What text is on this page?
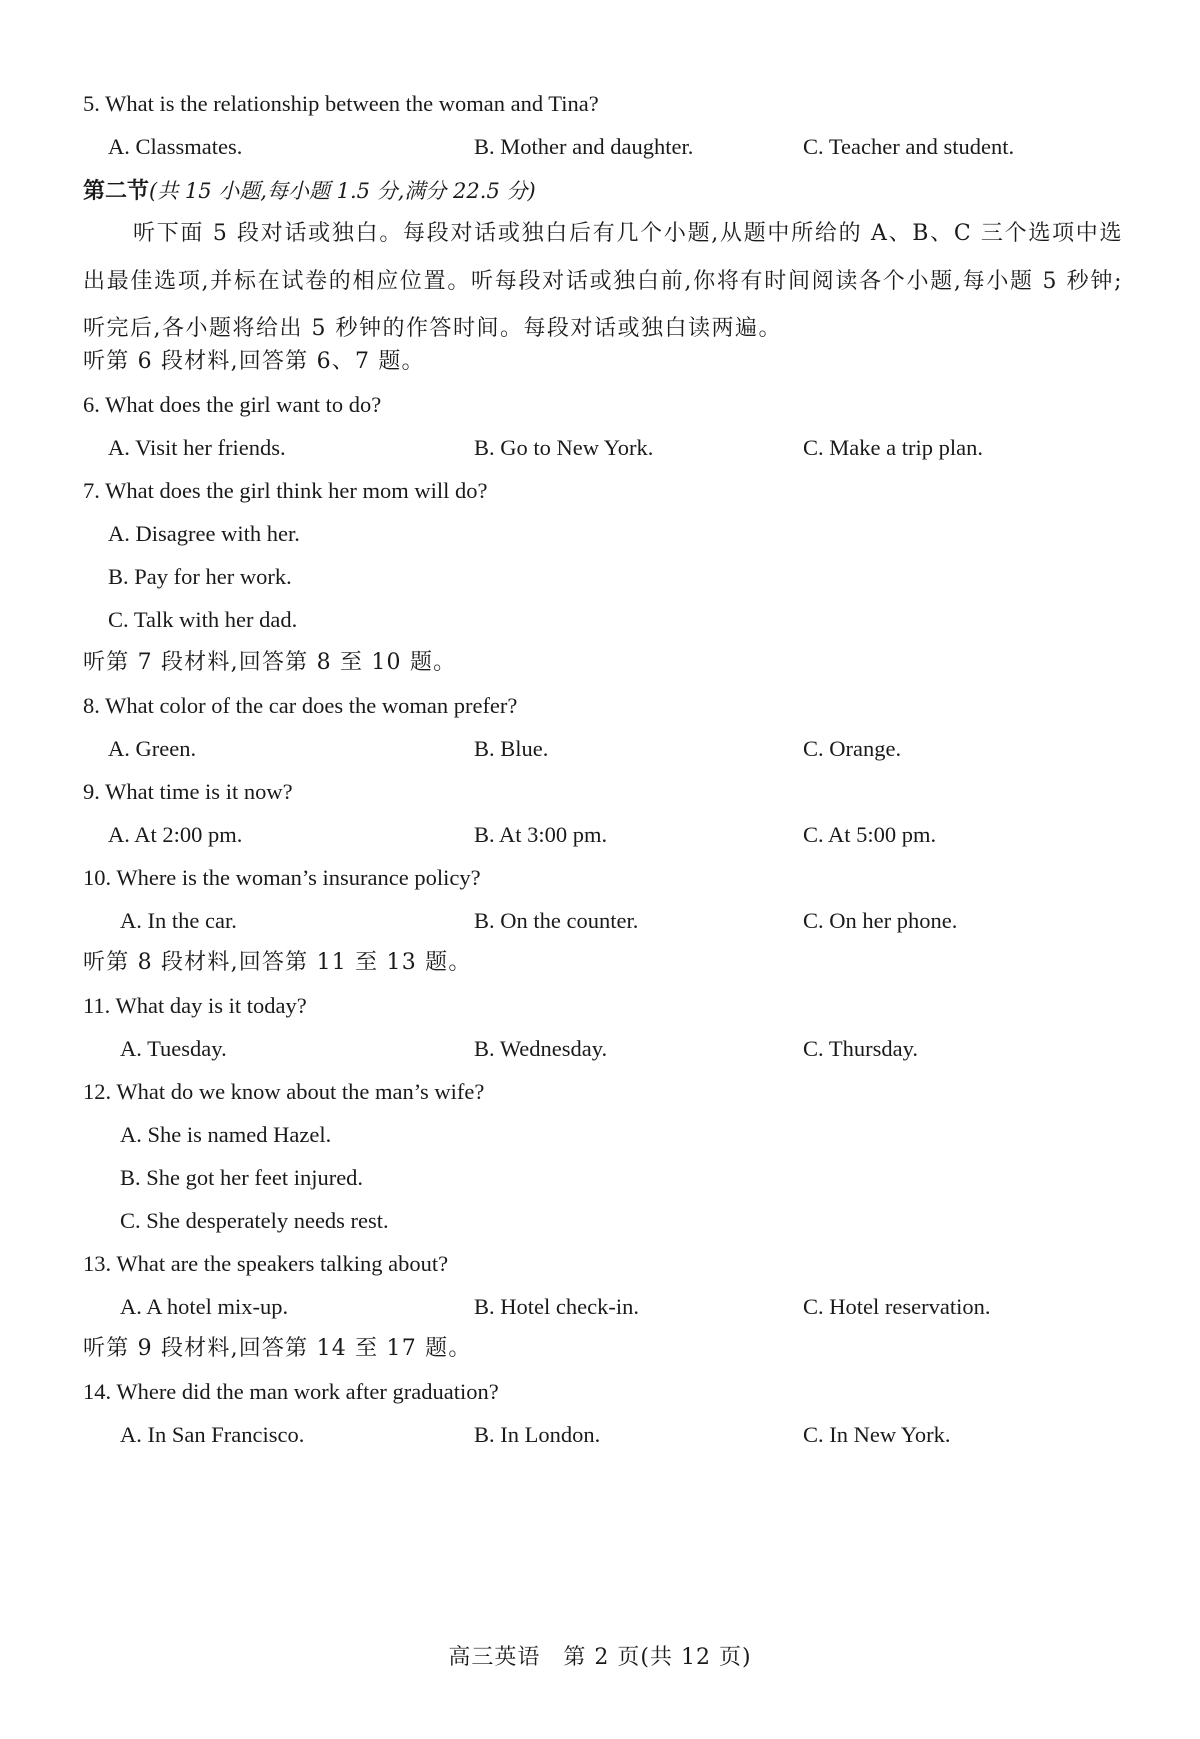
5. What is the relationship between the woman and Tina?
A. Classmates.	B. Mother and daughter.	C. Teacher and student.
第二节(共 15 小题,每小题 1.5 分,满分 22.5 分)
听下面 5 段对话或独白。每段对话或独白后有几个小题,从题中所给的 A、B、C 三个选项中选出最佳选项,并标在试卷的相应位置。听每段对话或独白前,你将有时间阅读各个小题,每小题 5 秒钟;听完后,各小题将给出 5 秒钟的作答时间。每段对话或独白读两遍。
听第 6 段材料,回答第 6、7 题。
6. What does the girl want to do?
A. Visit her friends.	B. Go to New York.	C. Make a trip plan.
7. What does the girl think her mom will do?
A. Disagree with her.
B. Pay for her work.
C. Talk with her dad.
听第 7 段材料,回答第 8 至 10 题。
8. What color of the car does the woman prefer?
A. Green.	B. Blue.	C. Orange.
9. What time is it now?
A. At 2:00 pm.	B. At 3:00 pm.	C. At 5:00 pm.
10. Where is the woman’s insurance policy?
A. In the car.	B. On the counter.	C. On her phone.
听第 8 段材料,回答第 11 至 13 题。
11. What day is it today?
A. Tuesday.	B. Wednesday.	C. Thursday.
12. What do we know about the man’s wife?
A. She is named Hazel.
B. She got her feet injured.
C. She desperately needs rest.
13. What are the speakers talking about?
A. A hotel mix-up.	B. Hotel check-in.	C. Hotel reservation.
听第 9 段材料,回答第 14 至 17 题。
14. Where did the man work after graduation?
A. In San Francisco.	B. In London.	C. In New York.
高三英语　第 2 页(共 12 页)
